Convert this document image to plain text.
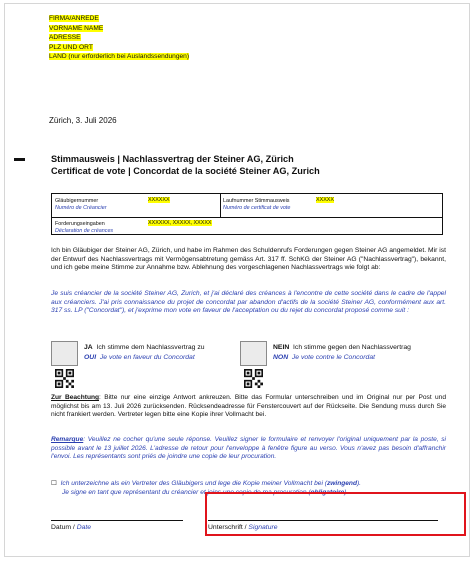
FIRMA/ANREDE
VORNAME NAME
ADRESSE
PLZ UND ORT
LAND (nur erforderlich bei Auslandssendungen)
Zürich, 3. Juli 2026
Stimmausweis | Nachlassvertrag der Steiner AG, Zürich
Certificat de vote | Concordat de la société Steiner AG, Zurich
Gläubigernummer
Numéro de Créancier
XXXXXX	Laufnummer Stimmausweis
Numéro de certificat de vote
XXXXX
Forderungseingaben
Déclaration de créances
XXXXXX, XXXXX, XXXXX
Ich bin Gläubiger der Steiner AG, Zürich, und habe im Rahmen des Schuldenrufs Forderungen gegen Steiner AG angemeldet. Mir ist der Entwurf des Nachlassvertrags mit Vermögensabtretung gemäss Art. 317 ff. SchKG der Steiner AG ("Nachlassvertrag"), bekannt, und ich gebe meine Stimme zur Annahme bzw. Ablehnung des vorgeschlagenen Nachlassvertrags wie folgt ab:
Je suis créancier de la société Steiner AG, Zurich, et j'ai déclaré des créances à l'encontre de cette société dans le cadre de l'appel aux créanciers. J'ai pris connaissance du projet de concordat par abandon d'actifs de la société Steiner AG, conformément aux art. 317 ss. LP ("Concordat"), et j'exprime mon vote en faveur de l'acceptation ou du rejet du concordat proposé comme suit :
JA Ich stimme dem Nachlassvertrag zu
OUI Je vote en faveur du Concordat
NEIN Ich stimme gegen den Nachlassvertrag
NON Je vote contre le Concordat
Zur Beachtung: Bitte nur eine einzige Antwort ankreuzen. Bitte das Formular unterschreiben und im Original nur per Post und möglichst bis am 13. Juli 2026 zurücksenden. Rücksendeadresse für Fenstercouvert auf der Rückseite. Die Sendung muss durch Sie nicht frankiert werden. Vertreter legen bitte eine Kopie ihrer Vollmacht bei.
Remarque: Veuillez ne cocher qu'une seule réponse. Veuillez signer le formulaire et renvoyer l'original uniquement par la poste, si possible avant le 13 juillet 2026. L'adresse de retour pour l'enveloppe à fenêtre figure au verso. Vous n'avez pas besoin d'affranchir l'envoi. Les représentants sont priés de joindre une copie de leur procuration.
☐ Ich unterzeichne als ein Vertreter des Gläubigers und lege die Kopie meiner Vollmacht bei (zwingend).
Je signe en tant que représentant du créancier et joins une copie de ma procuration (obligatoire).
Datum / Date	Unterschrift / Signature
